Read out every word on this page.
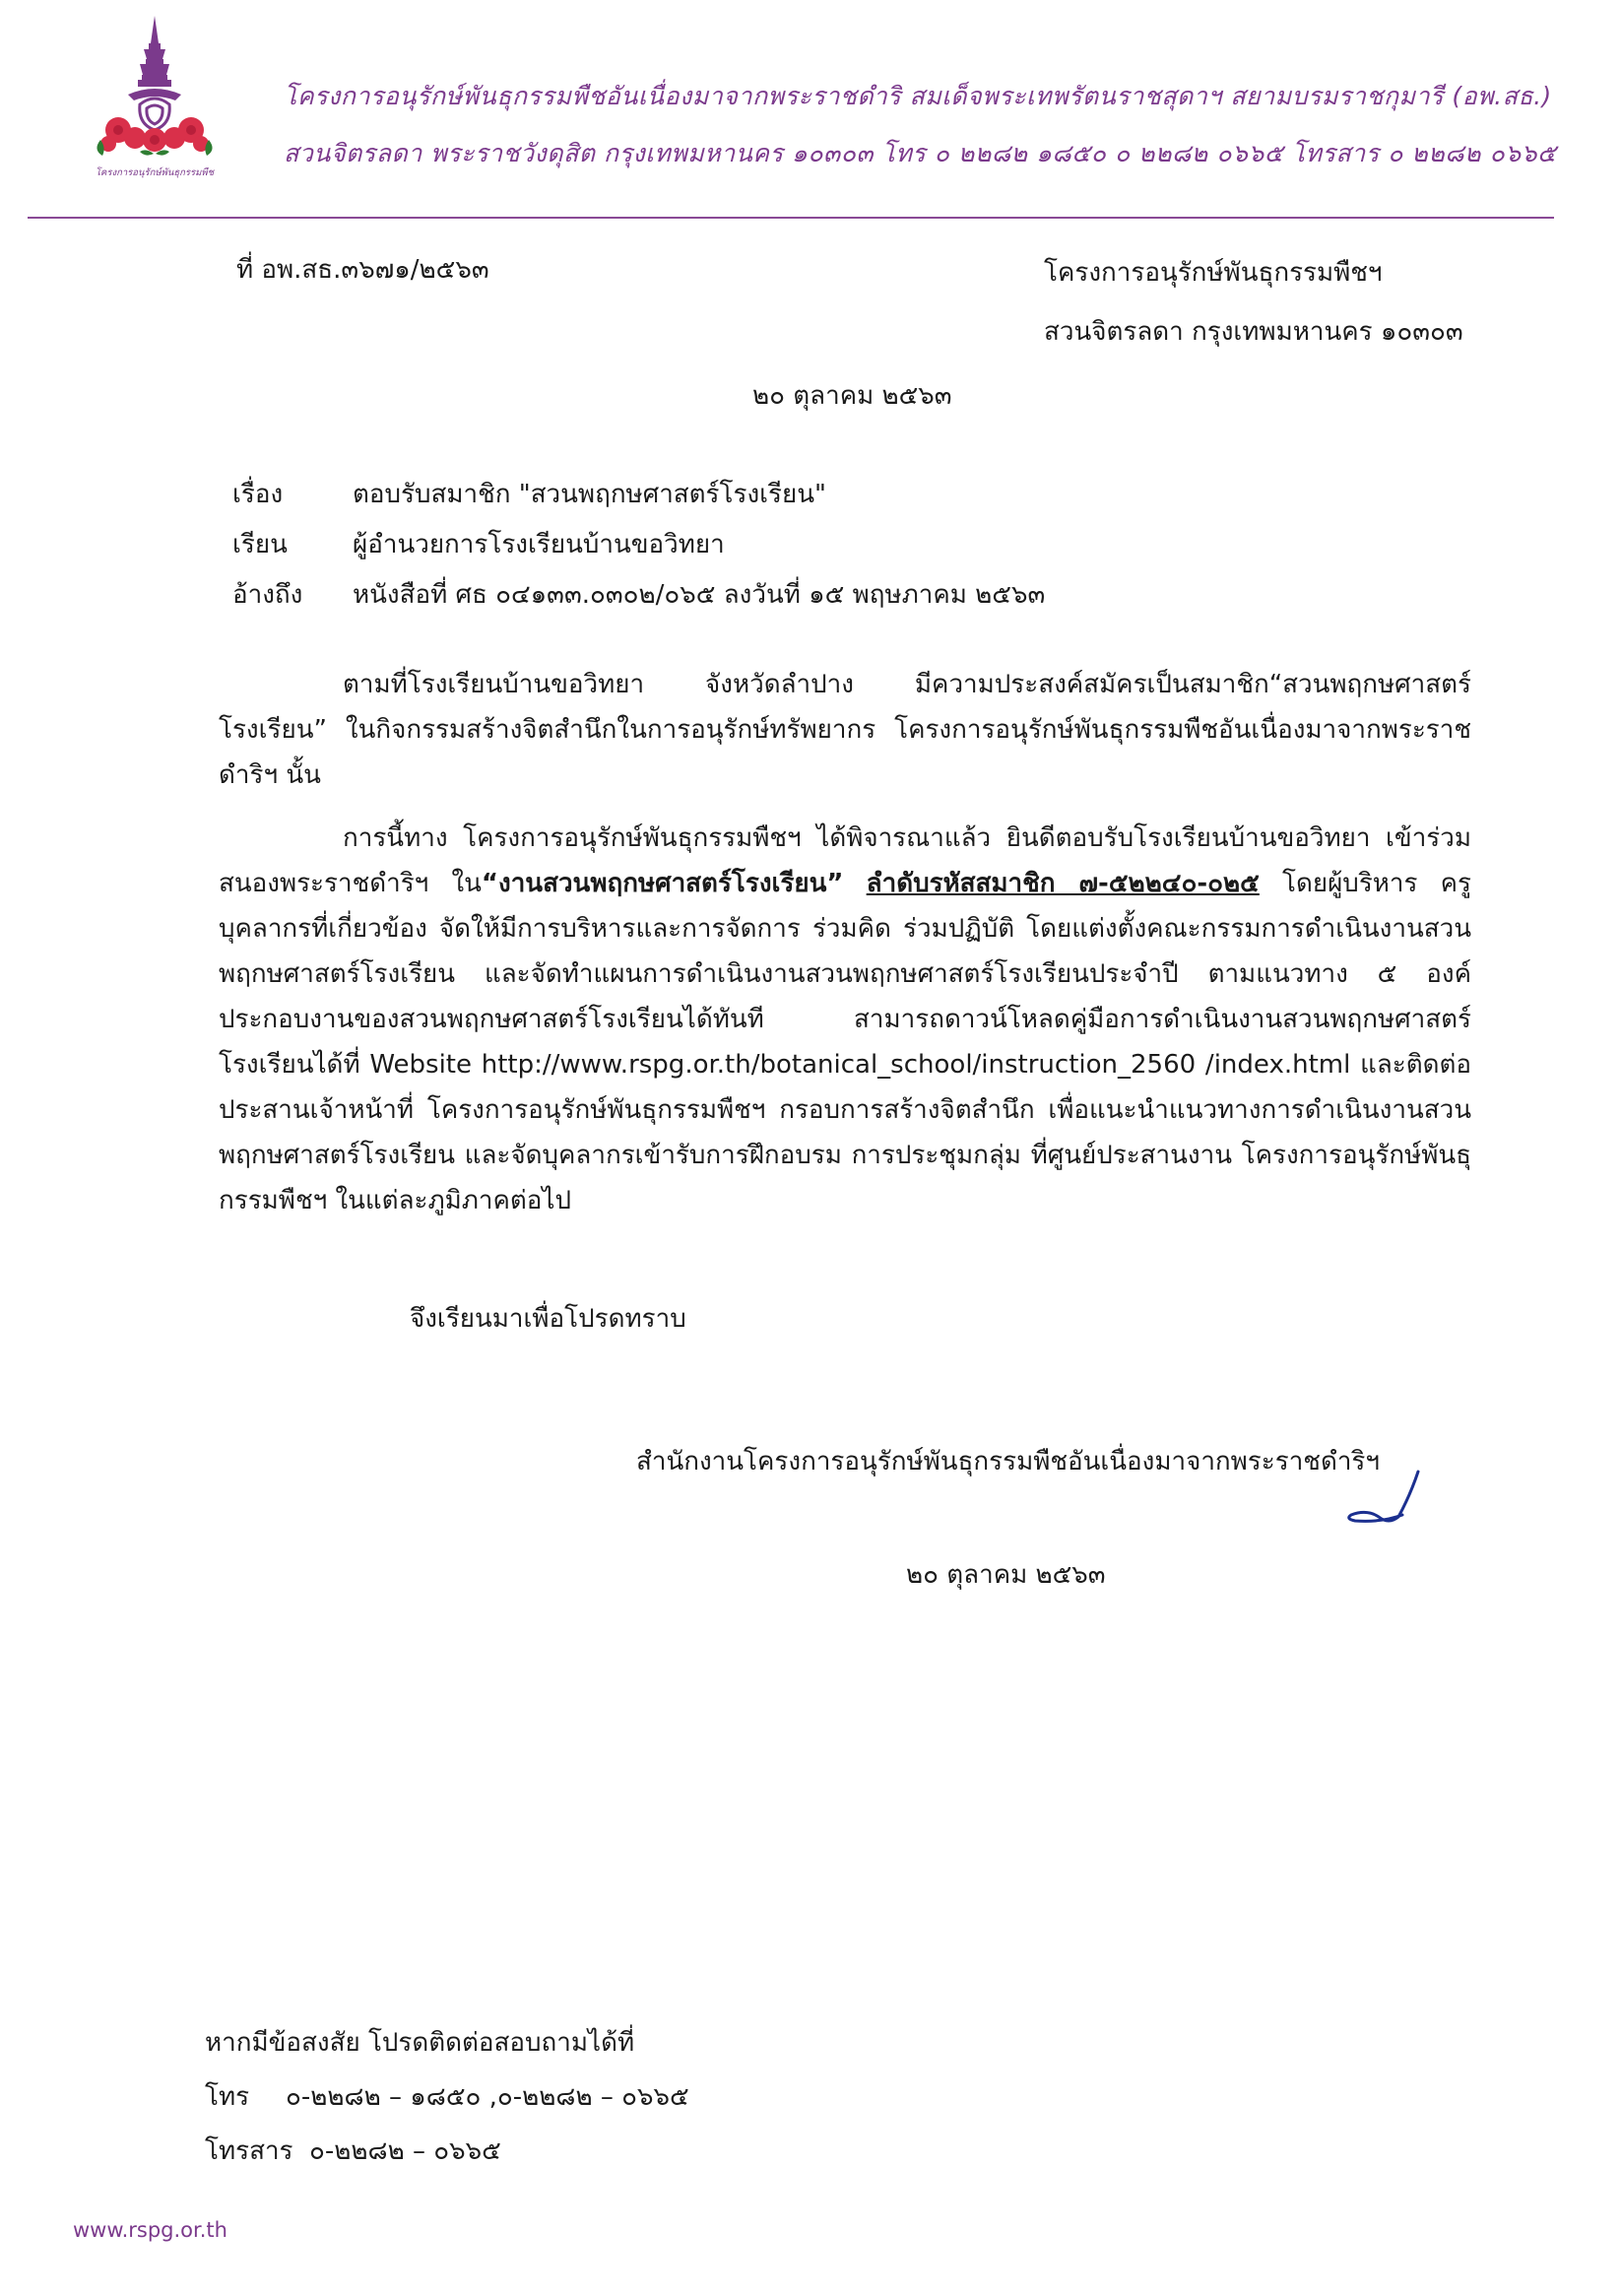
โครงการอนุรักษ์พันธุกรรมพืช
โครงการอนุรักษ์พันธุกรรมพืชอันเนื่องมาจากพระราชดำริ สมเด็จพระเทพรัตนราชสุดาฯ สยามบรมราชกุมารี (อพ.สธ.)
สวนจิตรลดา พระราชวังดุสิต กรุงเทพมหานคร ๑๐๓๐๓ โทร ๐ ๒๒๘๒ ๑๘๕๐ ๐ ๒๒๘๒ ๐๖๖๕ โทรสาร ๐ ๒๒๘๒ ๐๖๖๕
ที่ อพ.สธ.๓๖๗๑/๒๕๖๓	โครงการอนุรักษ์พันธุกรรมพืชฯ
สวนจิตรลดา กรุงเทพมหานคร ๑๐๓๐๓
๒๐ ตุลาคม ๒๕๖๓
เรื่อง	ตอบรับสมาชิก "สวนพฤกษศาสตร์โรงเรียน"
เรียน	ผู้อำนวยการโรงเรียนบ้านขอวิทยา
อ้างถึง หนังสือที่ ศธ ๐๔๑๓๓.๐๓๐๒/๐๖๕ ลงวันที่ ๑๕ พฤษภาคม ๒๕๖๓
ตามที่โรงเรียนบ้านขอวิทยา จังหวัดลำปาง มีความประสงค์สมัครเป็นสมาชิก“สวนพฤกษศาสตร์โรงเรียน” ในกิจกรรมสร้างจิตสำนึกในการอนุรักษ์ทรัพยากร โครงการอนุรักษ์พันธุกรรมพืชอันเนื่องมาจากพระราชดำริฯ นั้น
การนี้ทาง โครงการอนุรักษ์พันธุกรรมพืชฯ ได้พิจารณาแล้ว ยินดีตอบรับโรงเรียนบ้านขอวิทยา เข้าร่วมสนองพระราชดำริฯ ใน“งานสวนพฤกษศาสตร์โรงเรียน” ลำดับรหัสสมาชิก ๗-๕๒๒๔๐-๐๒๕ โดยผู้บริหาร ครู บุคลากรที่เกี่ยวข้อง จัดให้มีการบริหารและการจัดการ ร่วมคิด ร่วมปฏิบัติ โดยแต่งตั้งคณะกรรมการดำเนินงานสวนพฤกษศาสตร์โรงเรียน และจัดทำแผนการดำเนินงานสวนพฤกษศาสตร์โรงเรียนประจำปี ตามแนวทาง ๕ องค์ประกอบงานของสวนพฤกษศาสตร์โรงเรียนได้ทันที สามารถดาวน์โหลดคู่มือการดำเนินงานสวนพฤกษศาสตร์โรงเรียนได้ที่ Website http://www.rspg.or.th/botanical_school/instruction_2560 /index.html และติดต่อประสานเจ้าหน้าที่ โครงการอนุรักษ์พันธุกรรมพืชฯ กรอบการสร้างจิตสำนึก เพื่อแนะนำแนวทางการดำเนินงานสวนพฤกษศาสตร์โรงเรียน และจัดบุคลากรเข้ารับการฝึกอบรม การประชุมกลุ่ม ที่ศูนย์ประสานงาน โครงการอนุรักษ์พันธุกรรมพืชฯ ในแต่ละภูมิภาคต่อไป
จึงเรียนมาเพื่อโปรดทราบ
สำนักงานโครงการอนุรักษ์พันธุกรรมพืชอันเนื่องมาจากพระราชดำริฯ
๒๐ ตุลาคม ๒๕๖๓
หากมีข้อสงสัย โปรดติดต่อสอบถามได้ที่
โทร ๐-๒๒๘๒ – ๑๘๕๐ ,๐-๒๒๘๒ – ๐๖๖๕
โทรสาร ๐-๒๒๘๒ – ๐๖๖๕
www.rspg.or.th
